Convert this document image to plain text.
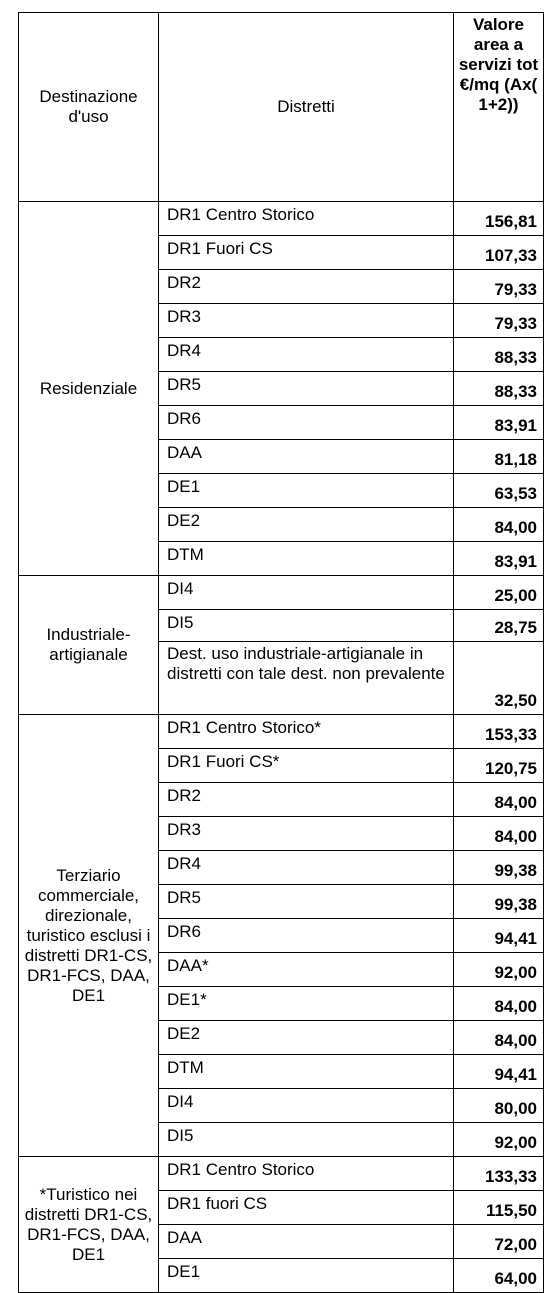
Destinazione d'uso	Distretti	Valore area a servizi tot €/mq (Ax( 1+2))
Residenziale	DR1 Centro Storico	156,81
	DR1 Fuori CS	107,33
	DR2	79,33
	DR3	79,33
	DR4	88,33
	DR5	88,33
	DR6	83,91
	DAA	81,18
	DE1	63,53
	DE2	84,00
	DTM	83,91
Industriale-artigianale	DI4	25,00
	DI5	28,75
	Dest. uso industriale-artigianale in distretti con tale dest. non prevalente	32,50
Terziario commerciale, direzionale, turistico esclusi i distretti DR1-CS, DR1-FCS, DAA, DE1	DR1 Centro Storico*	153,33
	DR1 Fuori CS*	120,75
	DR2	84,00
	DR3	84,00
	DR4	99,38
	DR5	99,38
	DR6	94,41
	DAA*	92,00
	DE1*	84,00
	DE2	84,00
	DTM	94,41
	DI4	80,00
	DI5	92,00
*Turistico nei distretti DR1-CS, DR1-FCS, DAA, DE1	DR1 Centro Storico	133,33
	DR1 fuori CS	115,50
	DAA	72,00
	DE1	64,00
